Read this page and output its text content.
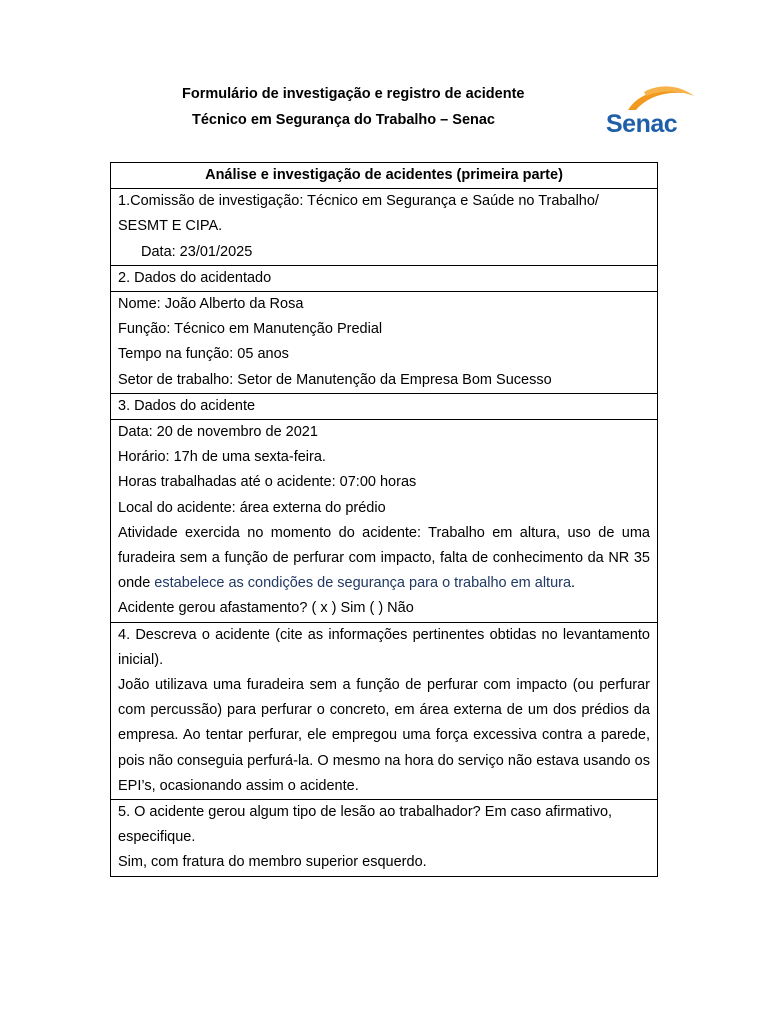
Formulário de investigação e registro de acidente
Técnico em Segurança do Trabalho – Senac	Senac
Análise e investigação de acidentes (primeira parte)

1.Comissão de investigação: Técnico em Segurança e Saúde no Trabalho/ SESMT E CIPA.
Data: 23/01/2025

2. Dados do acidentado

Nome: João Alberto da Rosa
Função: Técnico em Manutenção Predial
Tempo na função: 05 anos
Setor de trabalho: Setor de Manutenção da Empresa Bom Sucesso

3. Dados do acidente

Data: 20 de novembro de 2021
Horário: 17h de uma sexta-feira.
Horas trabalhadas até o acidente: 07:00 horas
Local do acidente: área externa do prédio
Atividade exercida no momento do acidente: Trabalho em altura, uso de uma furadeira sem a função de perfurar com impacto, falta de conhecimento da NR 35 onde estabelece as condições de segurança para o trabalho em altura.
Acidente gerou afastamento? ( x ) Sim ( ) Não

4. Descreva o acidente (cite as informações pertinentes obtidas no levantamento inicial).
João utilizava uma furadeira sem a função de perfurar com impacto (ou perfurar com percussão) para perfurar o concreto, em área externa de um dos prédios da empresa. Ao tentar perfurar, ele empregou uma força excessiva contra a parede, pois não conseguia perfurá-la. O mesmo na hora do serviço não estava usando os EPI’s, ocasionando assim o acidente.

5. O acidente gerou algum tipo de lesão ao trabalhador? Em caso afirmativo, especifique.
Sim, com fratura do membro superior esquerdo.
